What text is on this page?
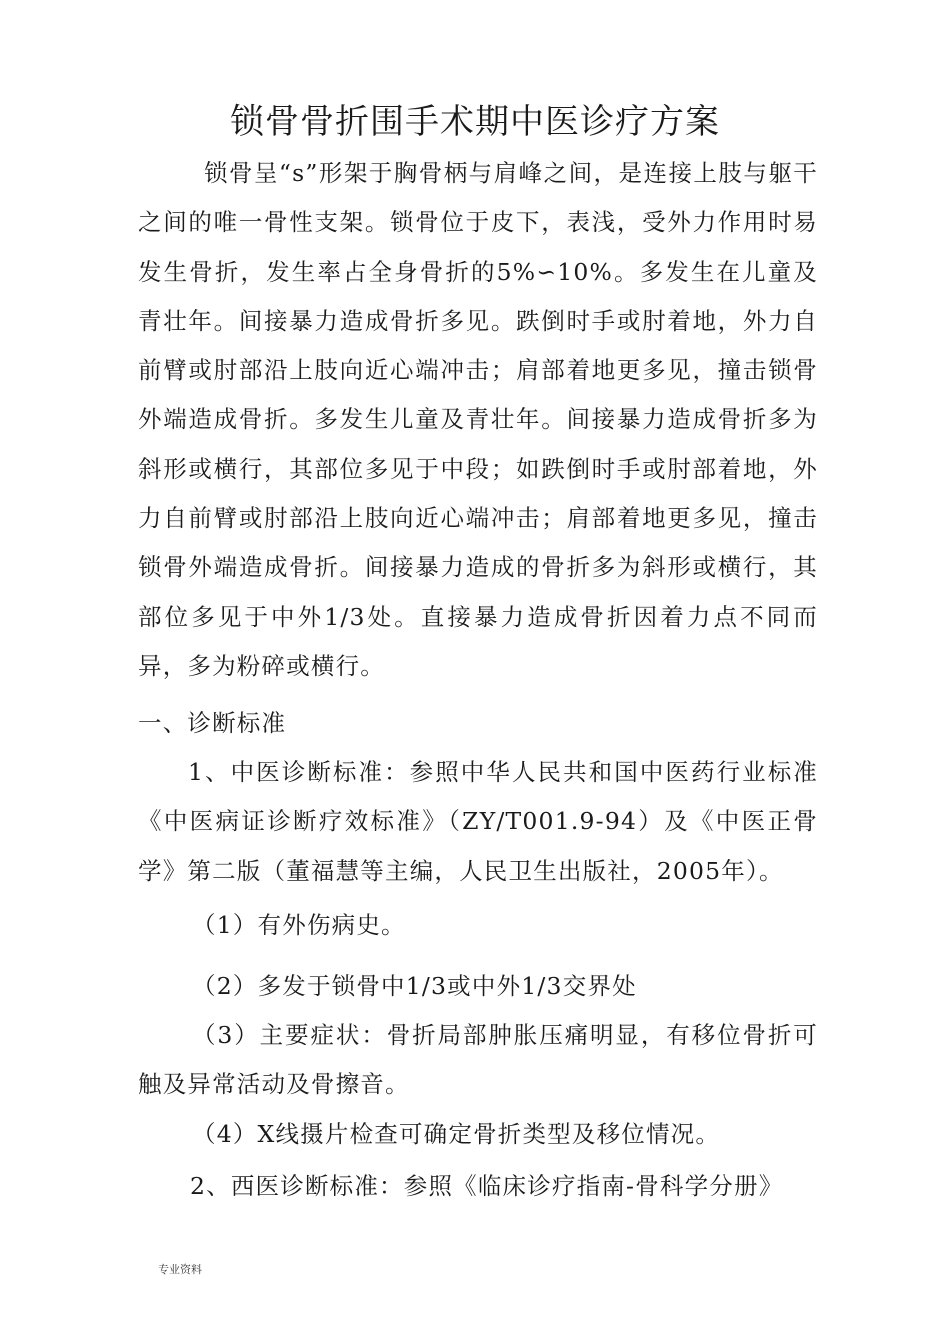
锁骨骨折围手术期中医诊疗方案

锁骨呈“s”形架于胸骨柄与肩峰之间，是连接上肢与躯干之间的唯一骨性支架。锁骨位于皮下，表浅，受外力作用时易发生骨折，发生率占全身骨折的5%∽10%。多发生在儿童及青壮年。间接暴力造成骨折多见。跌倒时手或肘着地，外力自前臂或肘部沿上肢向近心端冲击；肩部着地更多见，撞击锁骨外端造成骨折。多发生儿童及青壮年。间接暴力造成骨折多为斜形或横行，其部位多见于中段；如跌倒时手或肘部着地，外力自前臂或肘部沿上肢向近心端冲击；肩部着地更多见，撞击锁骨外端造成骨折。间接暴力造成的骨折多为斜形或横行，其部位多见于中外1/3处。直接暴力造成骨折因着力点不同而异，多为粉碎或横行。

一、诊断标准

1、中医诊断标准：参照中华人民共和国中医药行业标准《中医病证诊断疗效标准》（ZY/T001.9-94）及《中医正骨学》第二版（董福慧等主编，人民卫生出版社，2005年）。

（1）有外伤病史。
（2）多发于锁骨中1/3或中外1/3交界处

（3）主要症状：骨折局部肿胀压痛明显，有移位骨折可触及异常活动及骨擦音。

（4）X线摄片检查可确定骨折类型及移位情况。
2、西医诊断标准：参照《临床诊疗指南-骨科学分册》
专业资料
